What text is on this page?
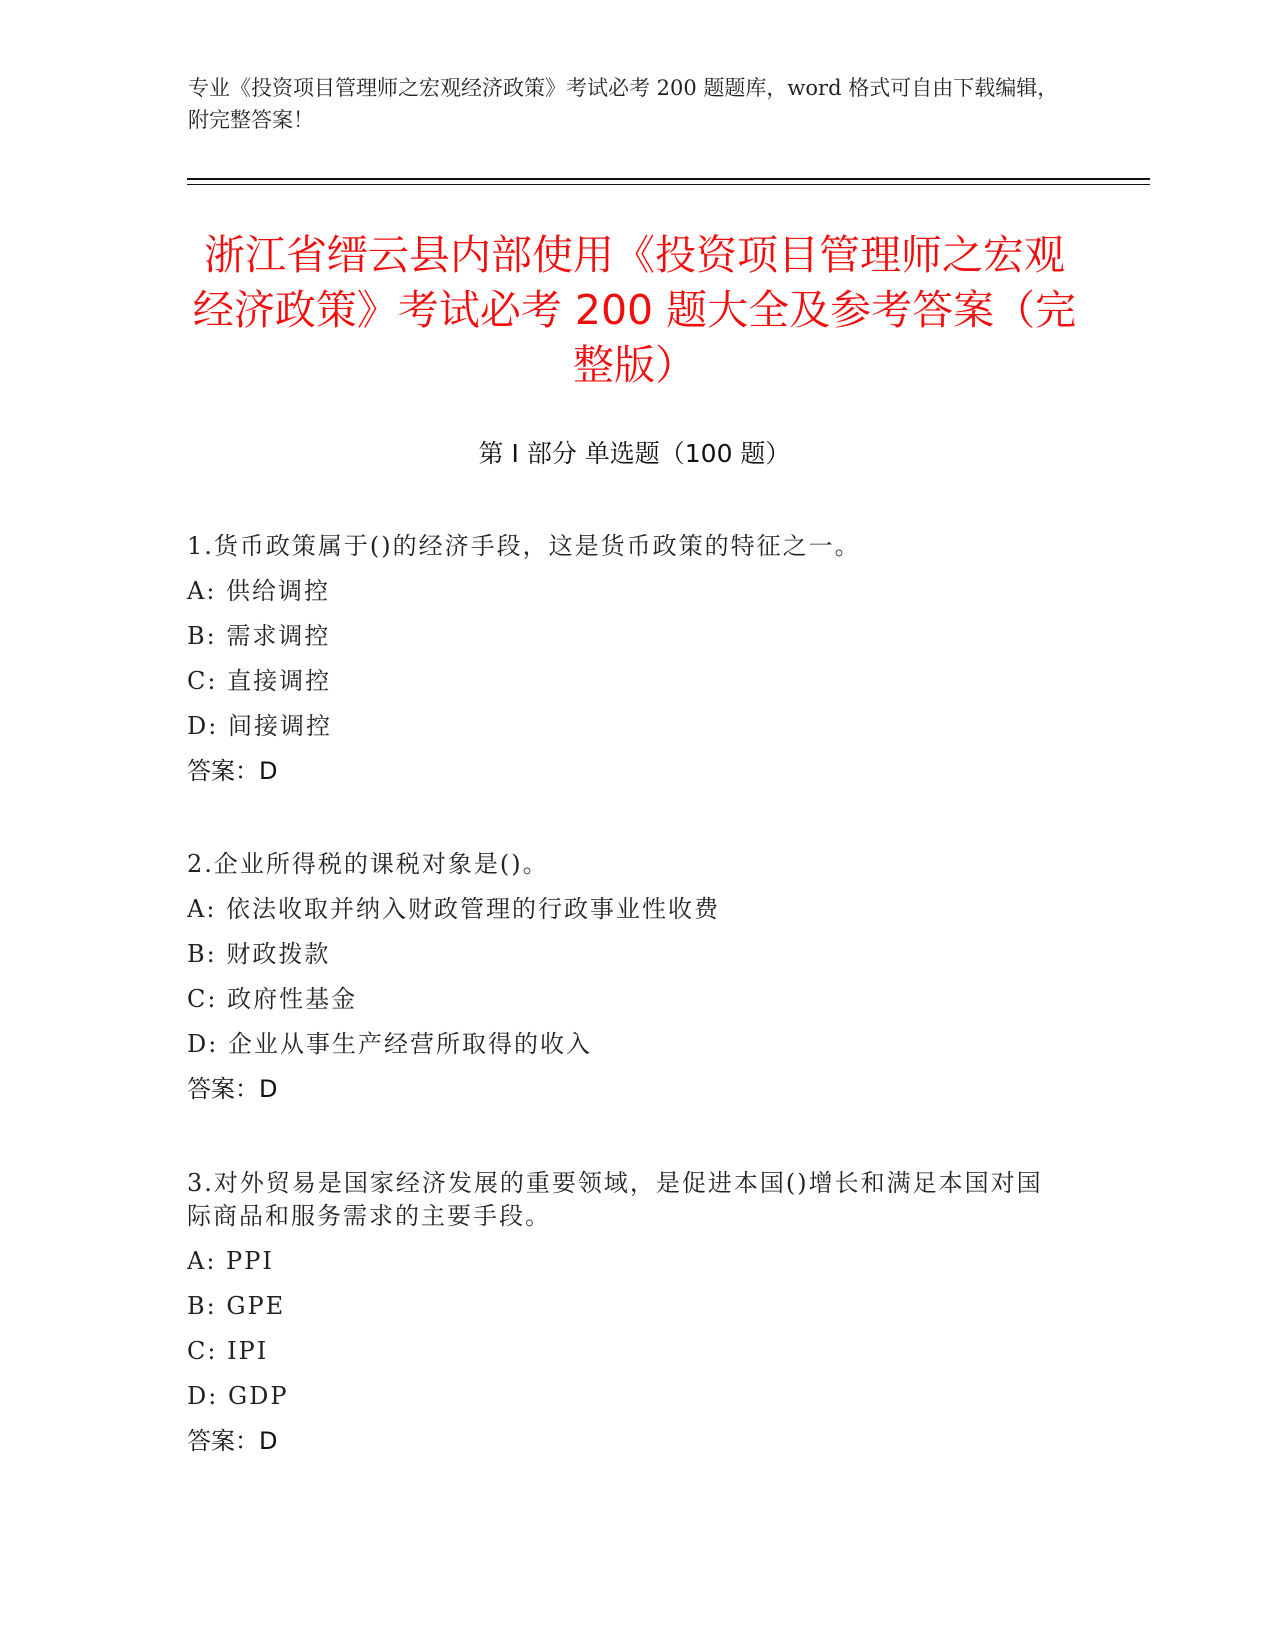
专业《投资项目管理师之宏观经济政策》考试必考 200 题题库，word 格式可自由下载编辑，附完整答案！
浙江省缙云县内部使用《投资项目管理师之宏观经济政策》考试必考 200 题大全及参考答案（完整版）
第 I 部分 单选题（100 题）

1.货币政策属于()的经济手段，这是货币政策的特征之一。

A: 供给调控

B: 需求调控

C: 直接调控

D: 间接调控

答案：D

2.企业所得税的课税对象是()。

A: 依法收取并纳入财政管理的行政事业性收费

B: 财政拨款

C: 政府性基金

D: 企业从事生产经营所取得的收入

答案：D

3.对外贸易是国家经济发展的重要领域，是促进本国()增长和满足本国对国际商品和服务需求的主要手段。

A: PPI

B: GPE

C: IPI

D: GDP

答案：D
